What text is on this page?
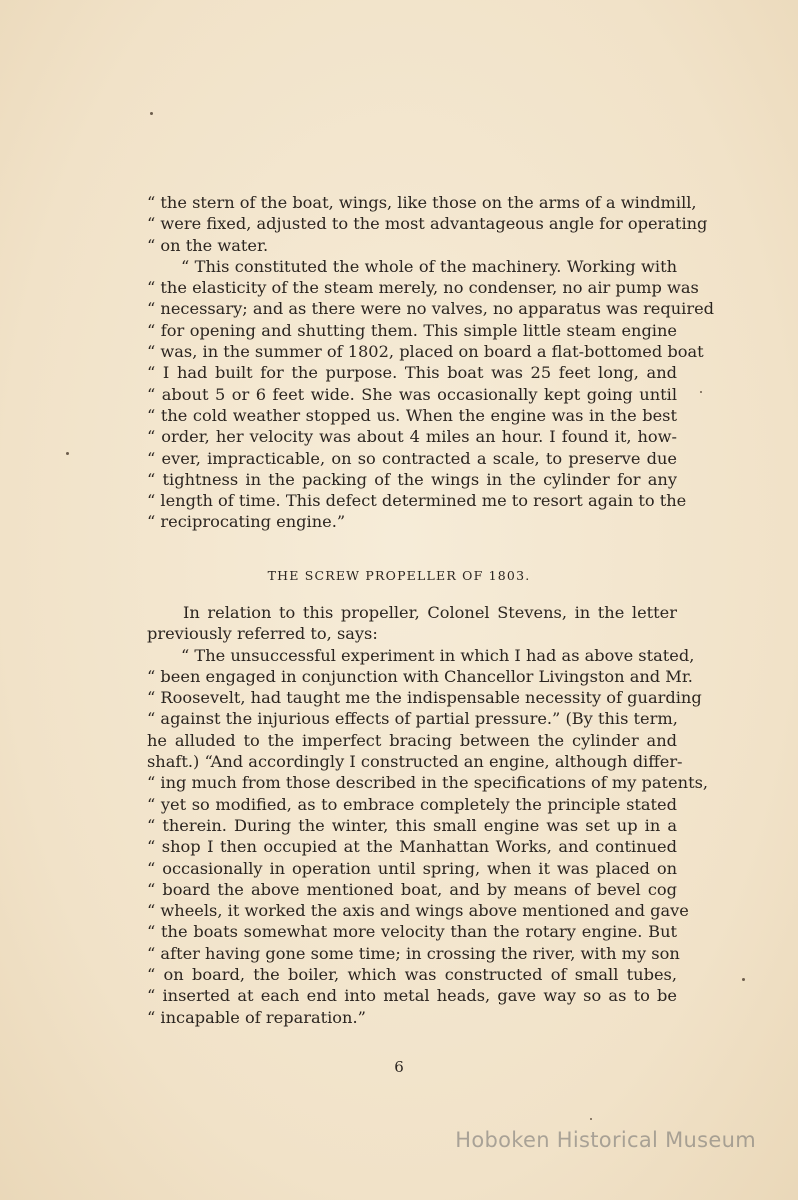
“ the stern of the boat, wings, like those on the arms of a windmill,
“ were fixed, adjusted to the most advantageous angle for operating
“ on the water.
“ This constituted the whole of the machinery. Working with
“ the elasticity of the steam merely, no condenser, no air pump was
“ necessary; and as there were no valves, no apparatus was required
“ for opening and shutting them. This simple little steam engine
“ was, in the summer of 1802, placed on board a flat-bottomed boat
“ I had built for the purpose. This boat was 25 feet long, and
“ about 5 or 6 feet wide. She was occasionally kept going until
“ the cold weather stopped us. When the engine was in the best
“ order, her velocity was about 4 miles an hour. I found it, how-
“ ever, impracticable, on so contracted a scale, to preserve due
“ tightness in the packing of the wings in the cylinder for any
“ length of time. This defect determined me to resort again to the
“ reciprocating engine.”
THE SCREW PROPELLER OF 1803.
In relation to this propeller, Colonel Stevens, in the letter
previously referred to, says:
“ The unsuccessful experiment in which I had as above stated,
“ been engaged in conjunction with Chancellor Livingston and Mr.
“ Roosevelt, had taught me the indispensable necessity of guarding
“ against the injurious effects of partial pressure.” (By this term,
he alluded to the imperfect bracing between the cylinder and
shaft.) “And accordingly I constructed an engine, although differ-
“ ing much from those described in the specifications of my patents,
“ yet so modified, as to embrace completely the principle stated
“ therein. During the winter, this small engine was set up in a
“ shop I then occupied at the Manhattan Works, and continued
“ occasionally in operation until spring, when it was placed on
“ board the above mentioned boat, and by means of bevel cog
“ wheels, it worked the axis and wings above mentioned and gave
“ the boats somewhat more velocity than the rotary engine. But
“ after having gone some time; in crossing the river, with my son
“ on board, the boiler, which was constructed of small tubes,
“ inserted at each end into metal heads, gave way so as to be
“ incapable of reparation.”
6
Hoboken Historical Museum
